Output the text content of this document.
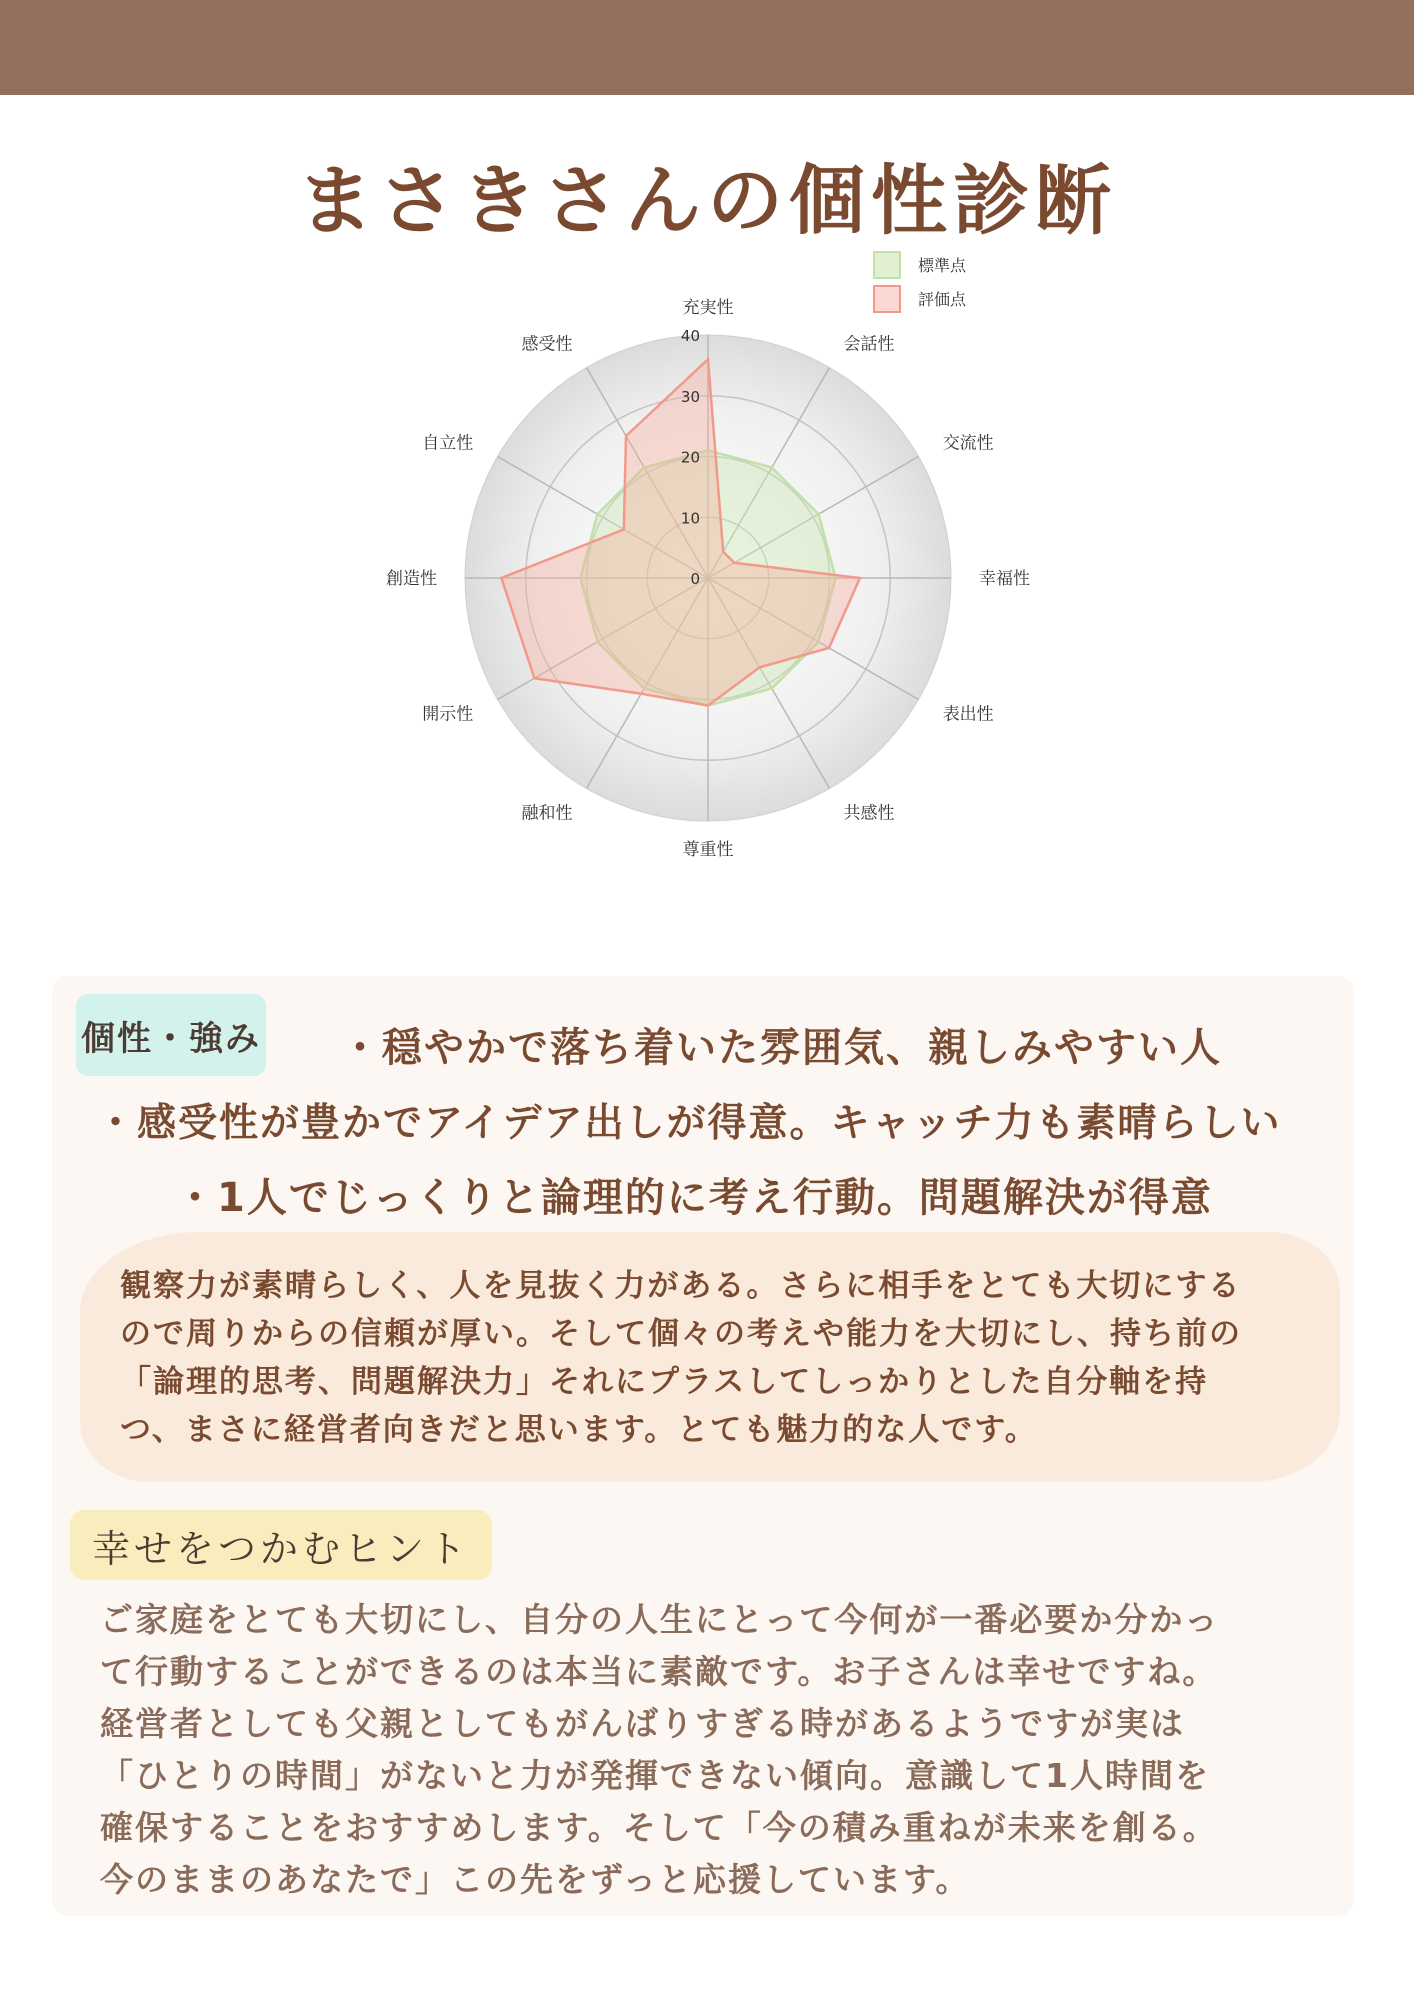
まさきさんの個性診断
充実性
会話性
交流性
幸福性
表出性
共感性
尊重性
融和性
開示性
創造性
自立性
感受性
0
10
20
30
40
標準点
評価点
個性・強み ・穏やかで落ち着いた雰囲気、親しみやすい人
・感受性が豊かでアイデア出しが得意。キャッチ力も素晴らしい
・1人でじっくりと論理的に考え行動。問題解決が得意

観察力が素晴らしく、人を見抜く力がある。さらに相手をとても大切にする
ので周りからの信頼が厚い。そして個々の考えや能力を大切にし、持ち前の
「論理的思考、問題解決力」それにプラスしてしっかりとした自分軸を持
つ、まさに経営者向きだと思います。とても魅力的な人です。

幸せをつかむヒント

ご家庭をとても大切にし、自分の人生にとって今何が一番必要か分かっ
て行動することができるのは本当に素敵です。お子さんは幸せですね。
経営者としても父親としてもがんばりすぎる時があるようですが実は
「ひとりの時間」がないと力が発揮できない傾向。意識して1人時間を
確保することをおすすめします。そして「今の積み重ねが未来を創る。
今のままのあなたで」この先をずっと応援しています。
